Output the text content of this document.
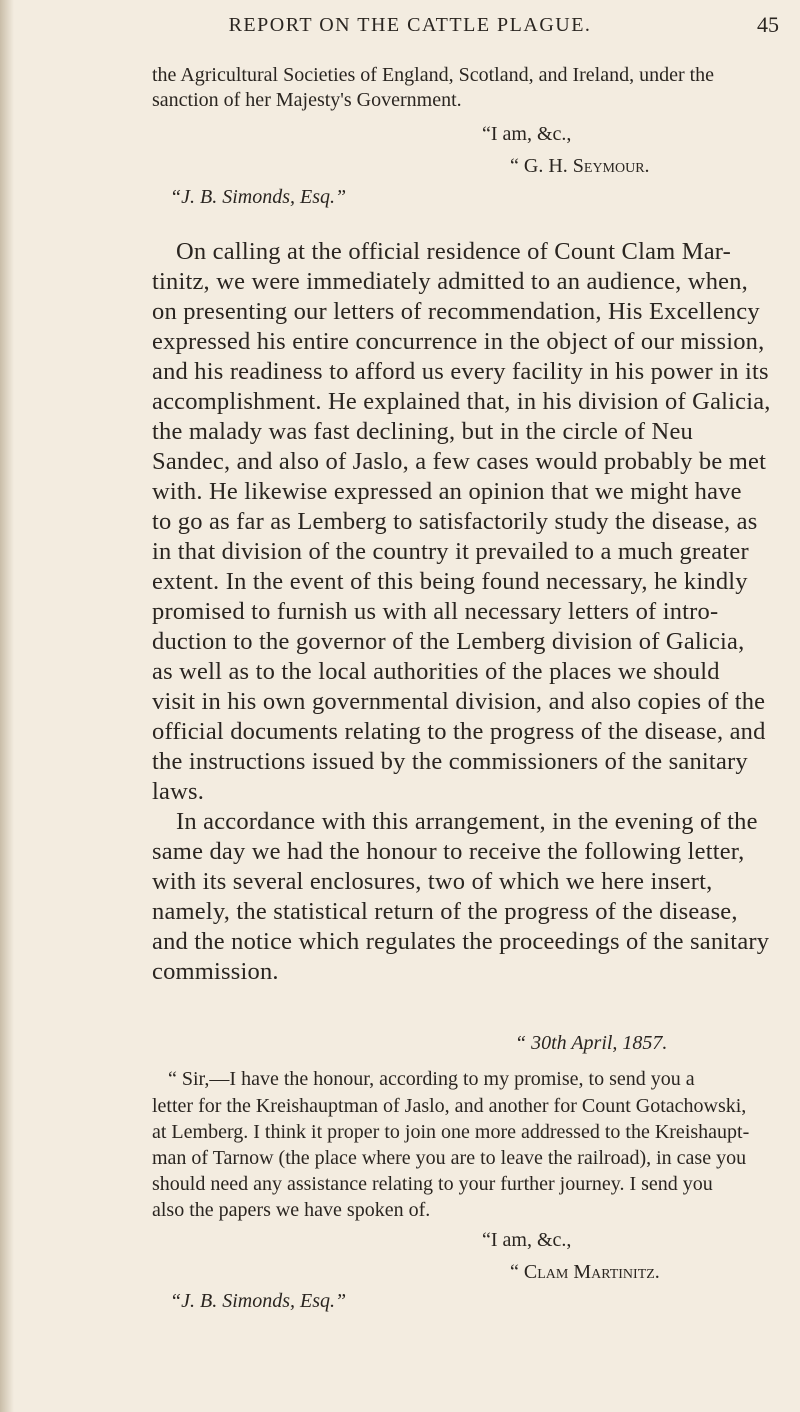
REPORT ON THE CATTLE PLAGUE.	45
the Agricultural Societies of England, Scotland, and Ireland, under the
sanction of her Majesty's Government.
“I am, &c.,
“ G. H. Seymour.
“J. B. Simonds, Esq.”
On calling at the official residence of Count Clam Mar-
tinitz, we were immediately admitted to an audience, when,
on presenting our letters of recommendation, His Excellency
expressed his entire concurrence in the object of our mission,
and his readiness to afford us every facility in his power in its
accomplishment. He explained that, in his division of Galicia,
the malady was fast declining, but in the circle of Neu
Sandec, and also of Jaslo, a few cases would probably be met
with. He likewise expressed an opinion that we might have
to go as far as Lemberg to satisfactorily study the disease, as
in that division of the country it prevailed to a much greater
extent. In the event of this being found necessary, he kindly
promised to furnish us with all necessary letters of intro-
duction to the governor of the Lemberg division of Galicia,
as well as to the local authorities of the places we should
visit in his own governmental division, and also copies of the
official documents relating to the progress of the disease, and
the instructions issued by the commissioners of the sanitary
laws.
In accordance with this arrangement, in the evening of the
same day we had the honour to receive the following letter,
with its several enclosures, two of which we here insert,
namely, the statistical return of the progress of the disease,
and the notice which regulates the proceedings of the sanitary
commission.
“ 30th April, 1857.
“ Sir,—I have the honour, according to my promise, to send you a
letter for the Kreishauptman of Jaslo, and another for Count Gotachowski,
at Lemberg. I think it proper to join one more addressed to the Kreishaupt-
man of Tarnow (the place where you are to leave the railroad), in case you
should need any assistance relating to your further journey. I send you
also the papers we have spoken of.
“I am, &c.,
“ Clam Martinitz.
“J. B. Simonds, Esq.”
